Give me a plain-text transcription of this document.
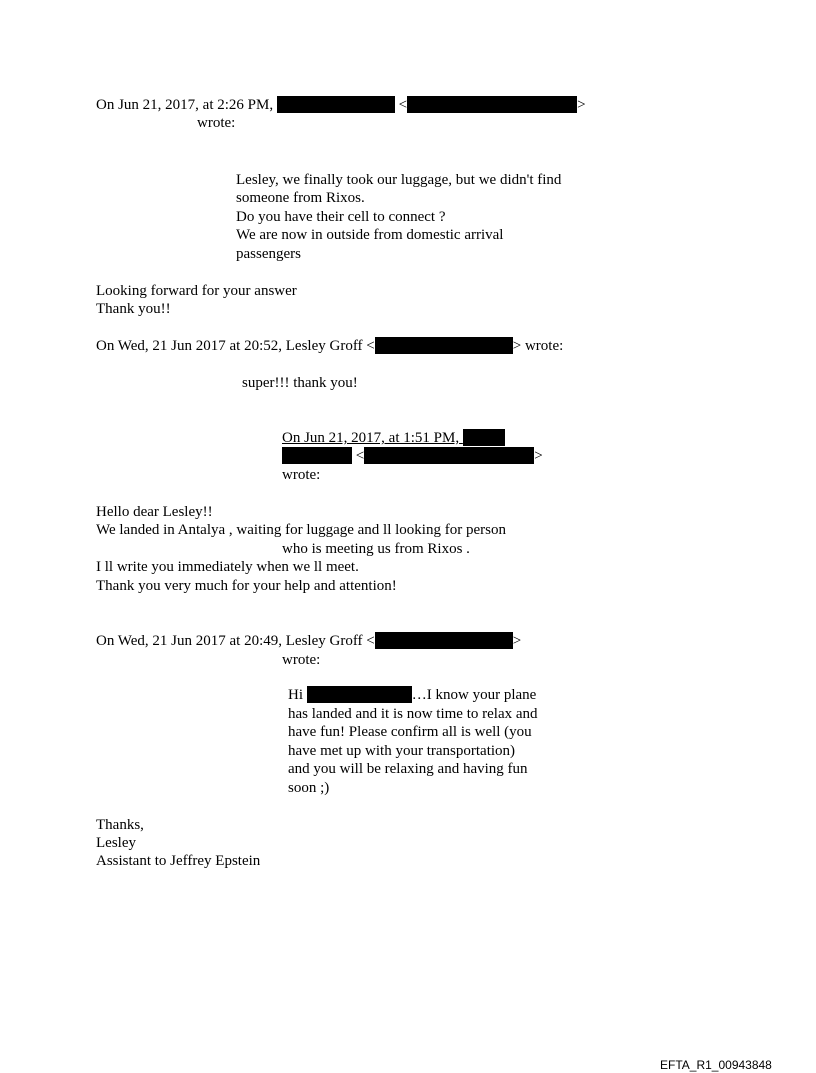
On Jun 21, 2017, at 2:26 PM,	<	>
wrote:
Lesley, we finally took our luggage, but we didn't find
someone from Rixos.
Do you have their cell to connect ?
We are now in outside from domestic arrival
passengers
Looking forward for your answer
Thank you!!
On Wed, 21 Jun 2017 at 20:52, Lesley Groff <	> wrote:
super!!! thank you!
On Jun 21, 2017, at 1:51 PM,
<	>
wrote:
Hello dear Lesley!!
We landed in Antalya , waiting for luggage and ll looking for person
who is meeting us from Rixos .
I ll write you immediately when we ll meet.
Thank you very much for your help and attention!
On Wed, 21 Jun 2017 at 20:49, Lesley Groff <	>
wrote:
Hi	…I know your plane
has landed and it is now time to relax and
have fun! Please confirm all is well (you
have met up with your transportation)
and you will be relaxing and having fun
soon ;)
Thanks,
Lesley
Assistant to Jeffrey Epstein
EFTA_R1_00943848
